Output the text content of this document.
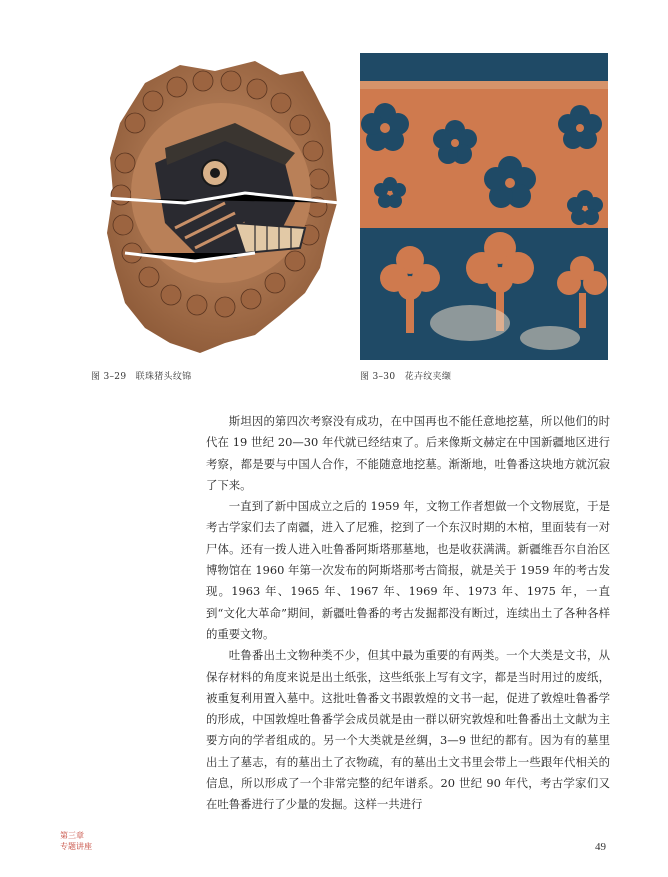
图 3–29　联珠猪头纹锦	图 3–30　花卉纹夹缬

斯坦因的第四次考察没有成功，在中国再也不能任意地挖墓，所以他们的时代在 19 世纪 20—30 年代就已经结束了。后来像斯文赫定在中国新疆地区进行考察，都是要与中国人合作，不能随意地挖墓。渐渐地，吐鲁番这块地方就沉寂了下来。

一直到了新中国成立之后的 1959 年，文物工作者想做一个文物展览，于是考古学家们去了南疆，进入了尼雅，挖到了一个东汉时期的木棺，里面装有一对尸体。还有一拨人进入吐鲁番阿斯塔那墓地，也是收获满满。新疆维吾尔自治区博物馆在 1960 年第一次发布的阿斯塔那考古简报，就是关于 1959 年的考古发现。1963 年、1965 年、1967 年、1969 年、1973 年、1975 年，一直到“文化大革命”期间，新疆吐鲁番的考古发掘都没有断过，连续出土了各种各样的重要文物。

吐鲁番出土文物种类不少，但其中最为重要的有两类。一个大类是文书，从保存材料的角度来说是出土纸张，这些纸张上写有文字，都是当时用过的废纸，被重复利用置入墓中。这批吐鲁番文书跟敦煌的文书一起，促进了敦煌吐鲁番学的形成，中国敦煌吐鲁番学会成员就是由一群以研究敦煌和吐鲁番出土文献为主要方向的学者组成的。另一个大类就是丝绸，3—9 世纪的都有。因为有的墓里出土了墓志，有的墓出土了衣物疏，有的墓出土文书里会带上一些跟年代相关的信息，所以形成了一个非常完整的纪年谱系。20 世纪 90 年代，考古学家们又在吐鲁番进行了少量的发掘。这样一共进行

第三章
专题讲座	49
